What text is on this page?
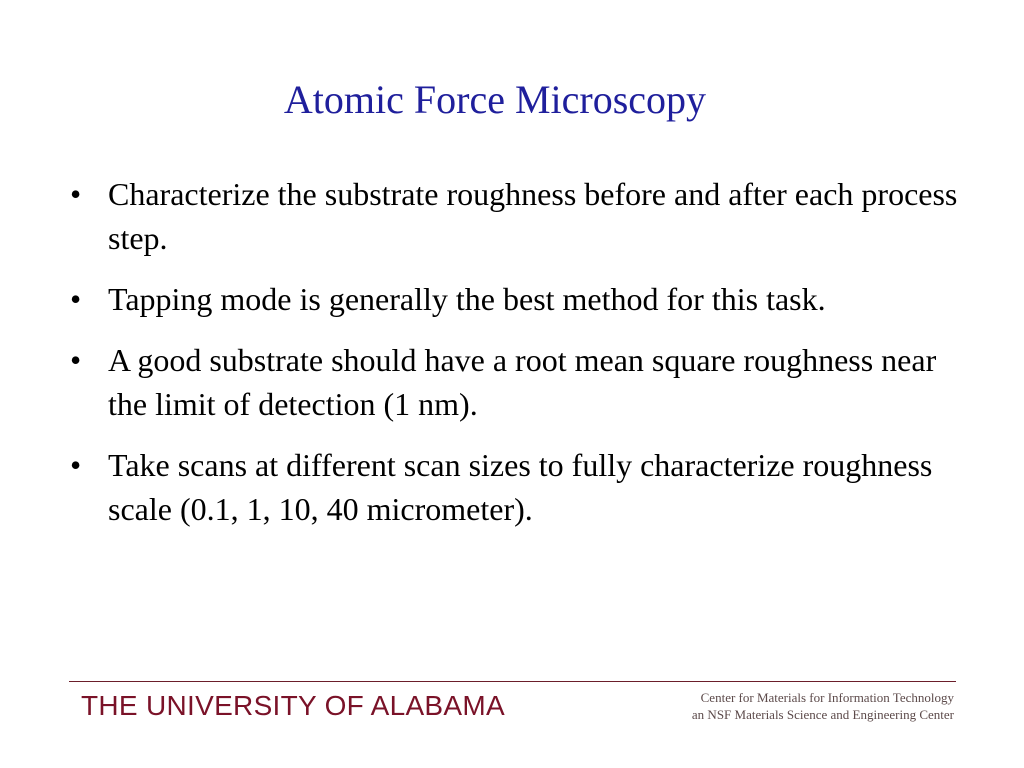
Atomic Force Microscopy
• Characterize the substrate roughness before and after each process step.
• Tapping mode is generally the best method for this task.
• A good substrate should have a root mean square roughness near the limit of detection (1 nm).
• Take scans at different scan sizes to fully characterize roughness scale (0.1, 1, 10, 40 micrometer).
THE UNIVERSITY OF ALABAMA	Center for Materials for Information Technology
an NSF Materials Science and Engineering Center
